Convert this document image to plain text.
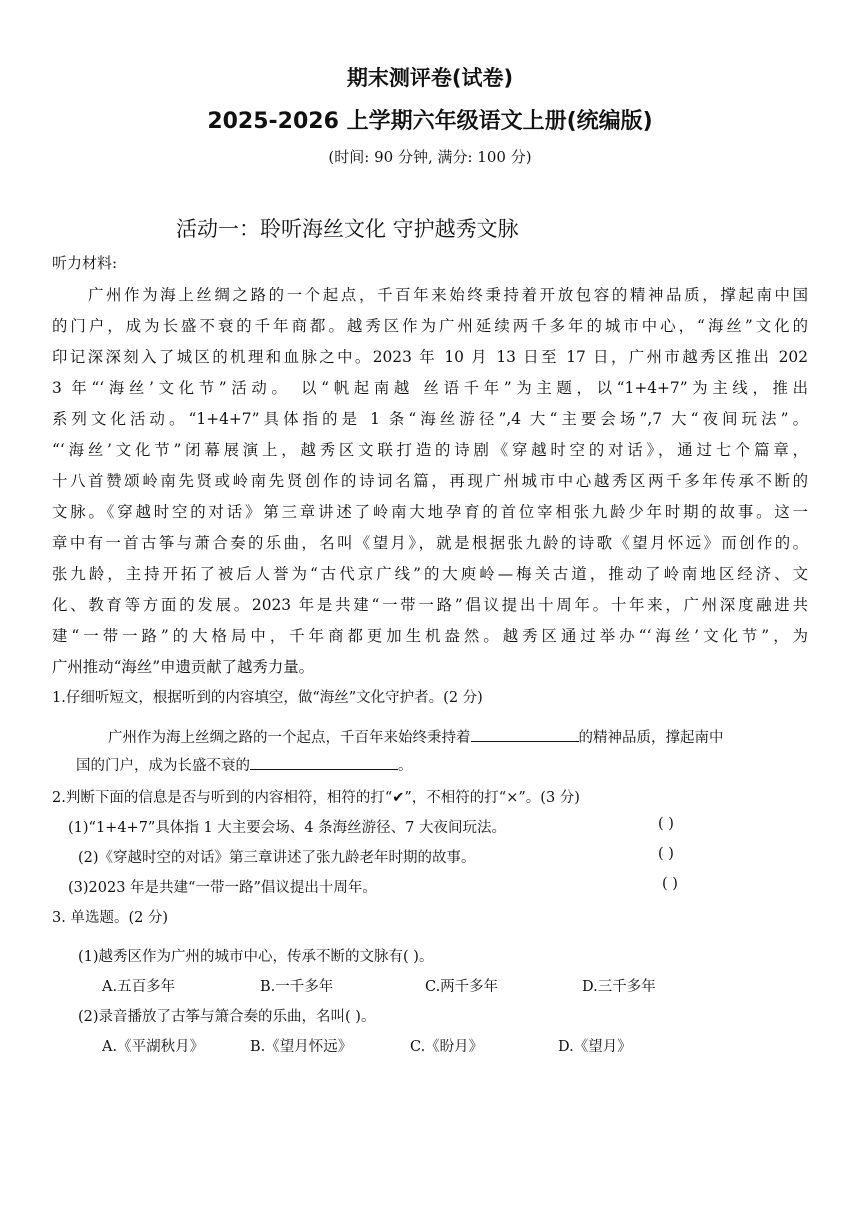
期末测评卷(试卷)
2025-2026 上学期六年级语文上册(统编版)
(时间: 90 分钟, 满分: 100 分)
活动一：聆听海丝文化 守护越秀文脉
听力材料:
广州作为海上丝绸之路的一个起点，千百年来始终秉持着开放包容的精神品质，撑起南中国
的门户，成为长盛不衰的千年商都。越秀区作为广州延续两千多年的城市中心，“海丝”文化的
印记深深刻入了城区的机理和血脉之中。2023 年 10 月 13 日至 17 日，广州市越秀区推出 202
3 年“‘海丝’文化节”活动。 以“帆起南越 丝语千年”为主题，以“1+4+7”为主线，推出
系列文化活动。“1+4+7”具体指的是 1 条“海丝游径”,4 大“主要会场”,7 大“夜间玩法”。
“‘海丝’文化节”闭幕展演上，越秀区文联打造的诗剧《穿越时空的对话》，通过七个篇章，
十八首赞颂岭南先贤或岭南先贤创作的诗词名篇，再现广州城市中心越秀区两千多年传承不断的
文脉。《穿越时空的对话》第三章讲述了岭南大地孕育的首位宰相张九龄少年时期的故事。这一
章中有一首古筝与萧合奏的乐曲，名叫《望月》，就是根据张九龄的诗歌《望月怀远》而创作的。
张九龄，主持开拓了被后人誉为“古代京广线”的大庾岭—梅关古道，推动了岭南地区经济、文
化、教育等方面的发展。2023 年是共建“一带一路”倡议提出十周年。十年来，广州深度融进共
建“一带一路”的大格局中，千年商都更加生机盎然。越秀区通过举办“‘海丝’文化节”，为
广州推动“海丝”申遗贡献了越秀力量。
1.仔细听短文，根据听到的内容填空，做“海丝”文化守护者。(2 分)
广州作为海上丝绸之路的一个起点，千百年来始终秉持着	的精神品质，撑起南中
国的门户，成为长盛不衰的	。
2.判断下面的信息是否与听到的内容相符，相符的打“✔”，不相符的打“×”。(3 分)
(1)“1+4+7”具体指 1 大主要会场、4 条海丝游径、7 大夜间玩法。	( )
(2)《穿越时空的对话》第三章讲述了张九龄老年时期的故事。	( )
(3)2023 年是共建“一带一路”倡议提出十周年。	( )
3. 单选题。(2 分)
(1)越秀区作为广州的城市中心，传承不断的文脉有( )。
A.五百多年	B.一千多年	C.两千多年	D.三千多年
(2)录音播放了古筝与箫合奏的乐曲，名叫( )。
A.《平湖秋月》	B.《望月怀远》	C.《盼月》	D.《望月》
